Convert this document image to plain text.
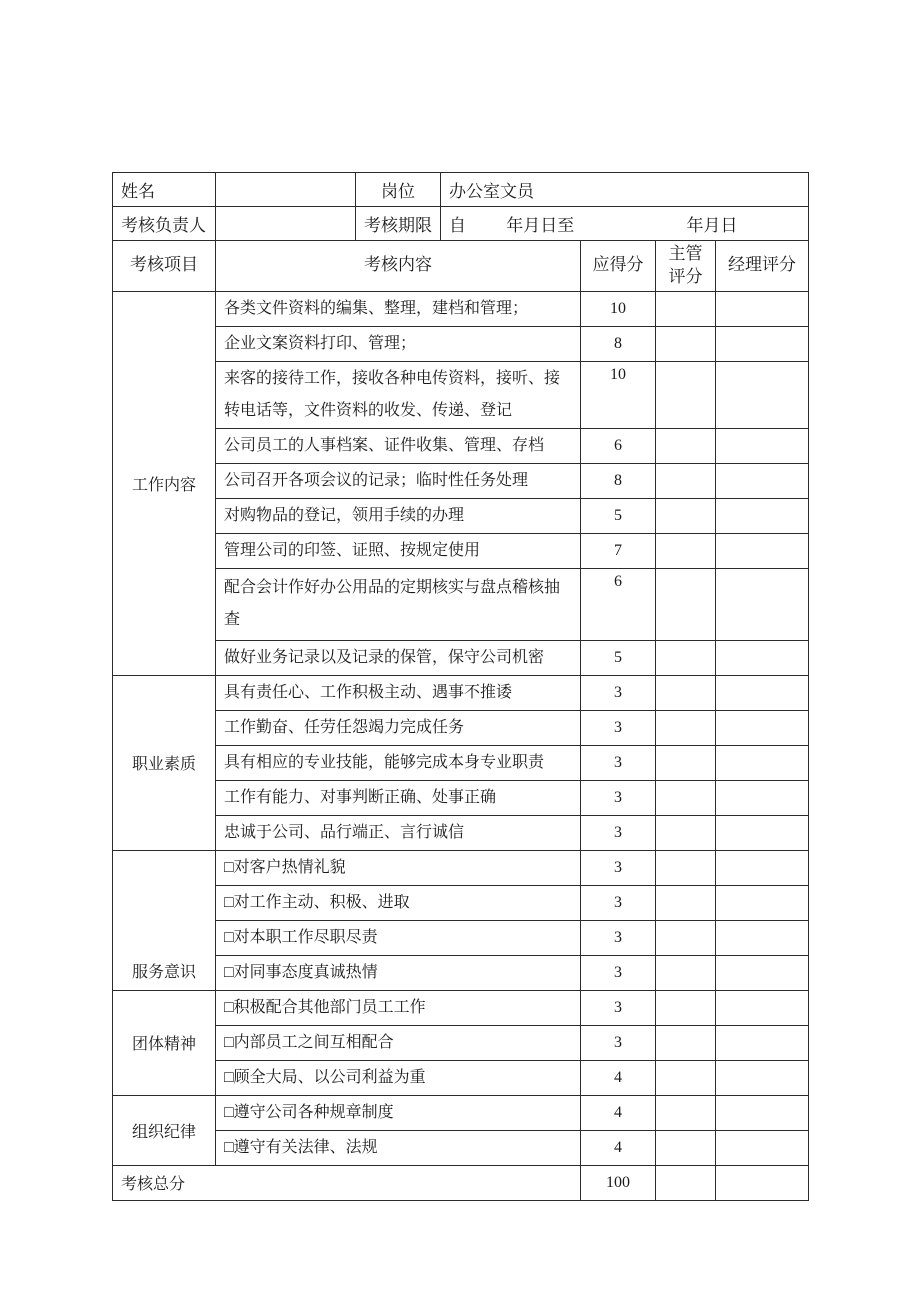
姓名		岗位	办公室文员
考核负责人		考核期限	自 年月日至 年月日
考核项目	考核内容	应得分	主管评分	经理评分
工作内容	各类文件资料的编集、整理，建档和管理；	10		
	企业文案资料打印、管理；	8		
	来客的接待工作，接收各种电传资料，接听、接转电话等，文件资料的收发、传递、登记	10		
	公司员工的人事档案、证件收集、管理、存档	6		
	公司召开各项会议的记录；临时性任务处理	8		
	对购物品的登记，领用手续的办理	5		
	管理公司的印签、证照、按规定使用	7		
	配合会计作好办公用品的定期核实与盘点稽核抽查	6		
	做好业务记录以及记录的保管，保守公司机密	5		
职业素质	具有责任心、工作积极主动、遇事不推诿	3		
	工作勤奋、任劳任怨竭力完成任务	3		
	具有相应的专业技能，能够完成本身专业职责	3		
	工作有能力、对事判断正确、处事正确	3		
	忠诚于公司、品行端正、言行诚信	3		
服务意识	□对客户热情礼貌	3		
	□对工作主动、积极、进取	3		
	□对本职工作尽职尽责	3		
	□对同事态度真诚热情	3		
团体精神	□积极配合其他部门员工工作	3		
	□内部员工之间互相配合	3		
	□顾全大局、以公司利益为重	4		
组织纪律	□遵守公司各种规章制度	4		
	□遵守有关法律、法规	4		
考核总分		100		
